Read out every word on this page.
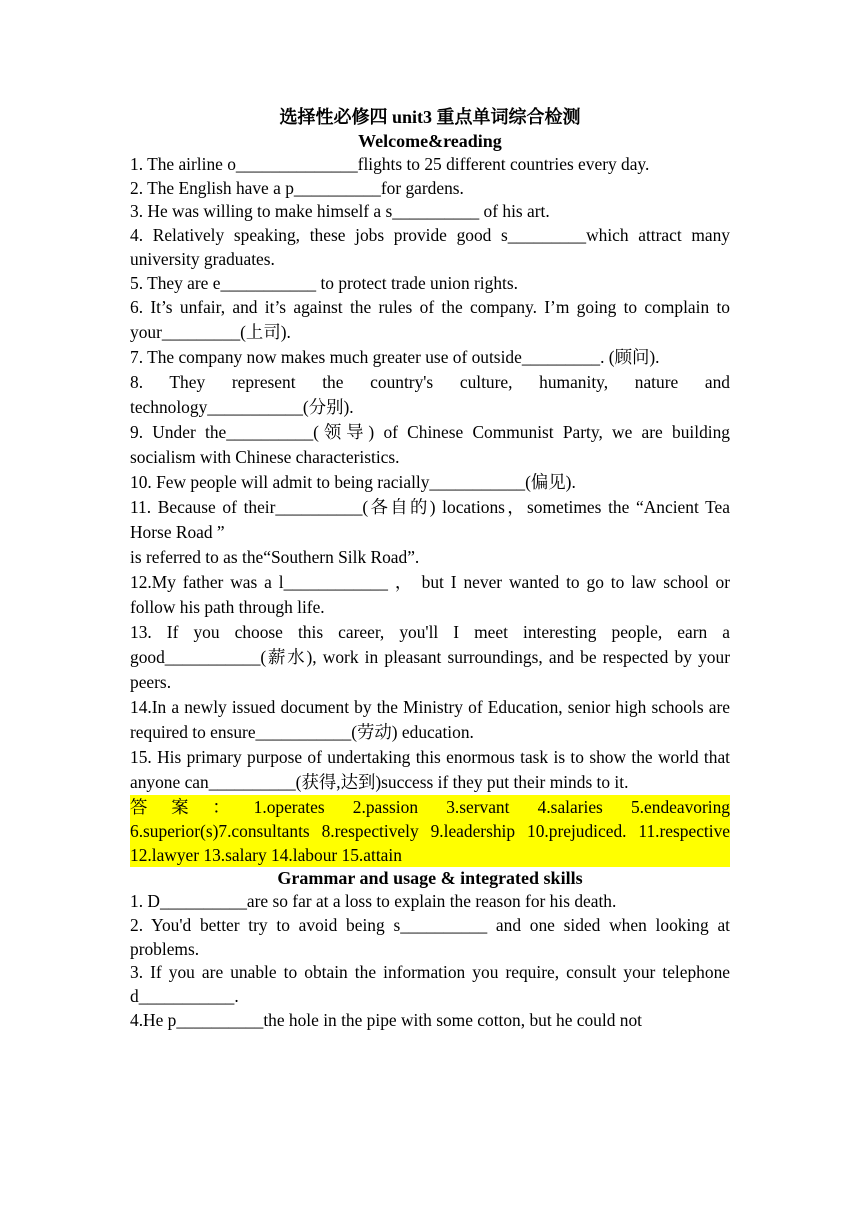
选择性必修四 unit3 重点单词综合检测
Welcome&reading
1. The airline o______________flights to 25 different countries every day.
2. The English have a p__________for gardens.
3. He was willing to make himself a s__________ of his art.
4. Relatively speaking, these jobs provide good s_________which attract many university graduates.
5. They are e___________ to protect trade union rights.
6. It’s unfair, and it’s against the rules of the company. I’m going to complain to your_________(上司).
7. The company now makes much greater use of outside_________. (顾问).
8. They represent the country's culture, humanity, nature and technology___________(分别).
9. Under the__________(领导) of Chinese Communist Party, we are building socialism with Chinese characteristics.
10. Few people will admit to being racially___________(偏见).
11. Because of their__________(各自的) locations，sometimes the “Ancient Tea Horse Road ”
is referred to as the“Southern Silk Road”.
12.My father was a l____________ ， but I never wanted to go to law school or follow his path through life.
13. If you choose this career, you'll I meet interesting people, earn a good___________(薪水), work in pleasant surroundings, and be respected by your peers.
14.In a newly issued document by the Ministry of Education, senior high schools are required to ensure___________(劳动) education.
15. His primary purpose of undertaking this enormous task is to show the world that anyone can__________(获得,达到)success if they put their minds to it.
答案：1.operates 2.passion 3.servant 4.salaries 5.endeavoring 6.superior(s)7.consultants 8.respectively 9.leadership 10.prejudiced. 11.respective 12.lawyer 13.salary 14.labour 15.attain
Grammar and usage & integrated skills
1. D__________are so far at a loss to explain the reason for his death.
2. You'd better try to avoid being s__________ and one sided when looking at problems.
3. If you are unable to obtain the information you require, consult your telephone d___________.
4.He p__________the hole in the pipe with some cotton, but he could not
